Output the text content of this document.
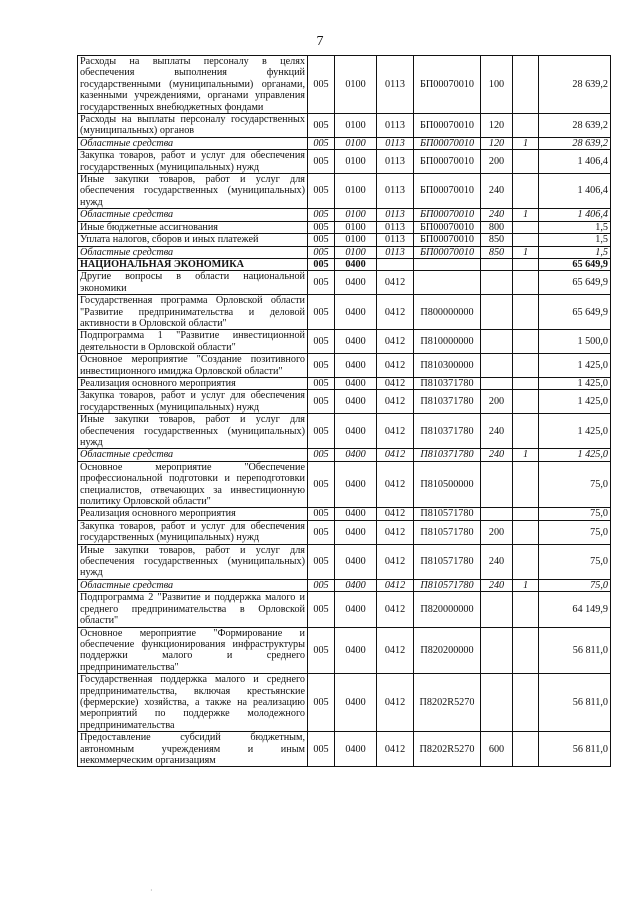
7
Расходы на выплаты персоналу в целях обеспечения выполнения функций государственными (муниципальными) органами, казенными учреждениями, органами управления государственных внебюджетных фондами	005	0100	0113	БП00070010	100		28 639,2
Расходы на выплаты персоналу государственных (муниципальных) органов	005	0100	0113	БП00070010	120		28 639,2
Областные средства	005	0100	0113	БП00070010	120	1	28 639,2
Закупка товаров, работ и услуг для обеспечения государственных (муниципальных) нужд	005	0100	0113	БП00070010	200		1 406,4
Иные закупки товаров, работ и услуг для обеспечения государственных (муниципальных) нужд	005	0100	0113	БП00070010	240		1 406,4
Областные средства	005	0100	0113	БП00070010	240	1	1 406,4
Иные бюджетные ассигнования	005	0100	0113	БП00070010	800		1,5
Уплата налогов, сборов и иных платежей	005	0100	0113	БП00070010	850		1,5
Областные средства	005	0100	0113	БП00070010	850	1	1,5
НАЦИОНАЛЬНАЯ ЭКОНОМИКА	005	0400					65 649,9
Другие вопросы в области национальной экономики	005	0400	0412				65 649,9
Государственная программа Орловской области "Развитие предпринимательства и деловой активности в Орловской области"	005	0400	0412	П800000000			65 649,9
Подпрограмма 1 "Развитие инвестиционной деятельности в Орловской области"	005	0400	0412	П810000000			1 500,0
Основное мероприятие "Создание позитивного инвестиционного имиджа Орловской области"	005	0400	0412	П810300000			1 425,0
Реализация основного мероприятия	005	0400	0412	П810371780			1 425,0
Закупка товаров, работ и услуг для обеспечения государственных (муниципальных) нужд	005	0400	0412	П810371780	200		1 425,0
Иные закупки товаров, работ и услуг для обеспечения государственных (муниципальных) нужд	005	0400	0412	П810371780	240		1 425,0
Областные средства	005	0400	0412	П810371780	240	1	1 425,0
Основное мероприятие "Обеспечение профессиональной подготовки и переподготовки специалистов, отвечающих за инвестиционную политику Орловской области"	005	0400	0412	П810500000			75,0
Реализация основного мероприятия	005	0400	0412	П810571780			75,0
Закупка товаров, работ и услуг для обеспечения государственных (муниципальных) нужд	005	0400	0412	П810571780	200		75,0
Иные закупки товаров, работ и услуг для обеспечения государственных (муниципальных) нужд	005	0400	0412	П810571780	240		75,0
Областные средства	005	0400	0412	П810571780	240	1	75,0
Подпрограмма 2 "Развитие и поддержка малого и среднего предпринимательства в Орловской области"	005	0400	0412	П820000000			64 149,9
Основное мероприятие "Формирование и обеспечение функционирования инфраструктуры поддержки малого и среднего предпринимательства"	005	0400	0412	П820200000			56 811,0
Государственная поддержка малого и среднего предпринимательства, включая крестьянские (фермерские) хозяйства, а также на реализацию мероприятий по поддержке молодежного предпринимательства	005	0400	0412	П8202R5270			56 811,0
Предоставление субсидий бюджетным, автономным учреждениям и иным некоммерческим организациям	005	0400	0412	П8202R5270	600		56 811,0
·
